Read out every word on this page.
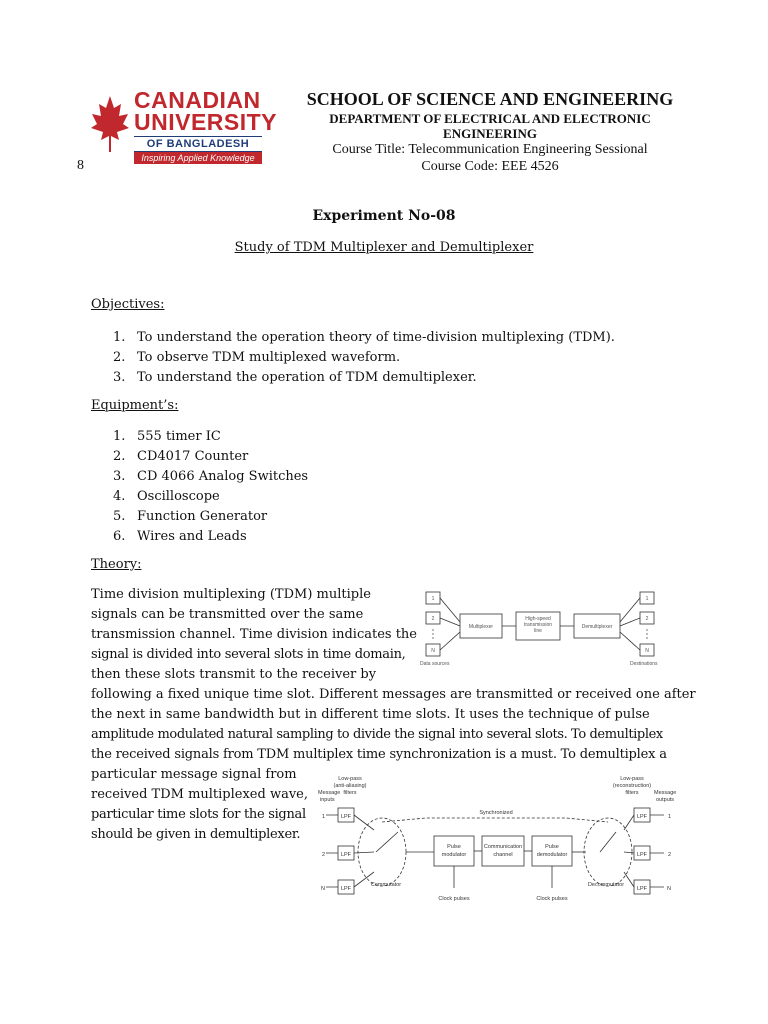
CANADIAN
UNIVERSITY
OF BANGLADESH
Inspiring Applied Knowledge
8
SCHOOL OF SCIENCE AND ENGINEERING
DEPARTMENT OF ELECTRICAL AND ELECTRONIC ENGINEERING
Course Title: Telecommunication Engineering Sessional
Course Code: EEE 4526
Experiment No-08
Study of TDM Multiplexer and Demultiplexer
Objectives:
1. To understand the operation theory of time-division multiplexing (TDM).
2. To observe TDM multiplexed waveform.
3. To understand the operation of TDM demultiplexer.
Equipment’s:
1. 555 timer IC
2. CD4017 Counter
3. CD 4066 Analog Switches
4. Oscilloscope
5. Function Generator
6. Wires and Leads
Theory:
Time division multiplexing (TDM) multiple
signals can be transmitted over the same
transmission channel. Time division indicates the
signal is divided into several slots in time domain,
then these slots transmit to the receiver by
following a fixed unique time slot. Different messages are transmitted or received one after
the next in same bandwidth but in different time slots. It uses the technique of pulse
amplitude modulated natural sampling to divide the signal into several slots. To demultiplex
the received signals from TDM multiplex time synchronization is a must. To demultiplex a
particular message signal from
received TDM multiplexed wave,
particular time slots for the signal
should be given in demultiplexer.
1
2
N
Multiplexer
High-speed
transmission
line
Demultiplexer
1
2
N
Data sources	Destinations
Low-pass
(anti-aliasing)
filters
Message
inputs
Low-pass
(reconstruction)
filters	Message
outputs
Synchronized
LPF
LPF
LPF
LPF
LPF
LPF
Pulse
modulator
Communication
channel
Pulse
demodulator
Commutator	Decommutator
Clock pulses	Clock pulses
1
2
N
1
2
N
